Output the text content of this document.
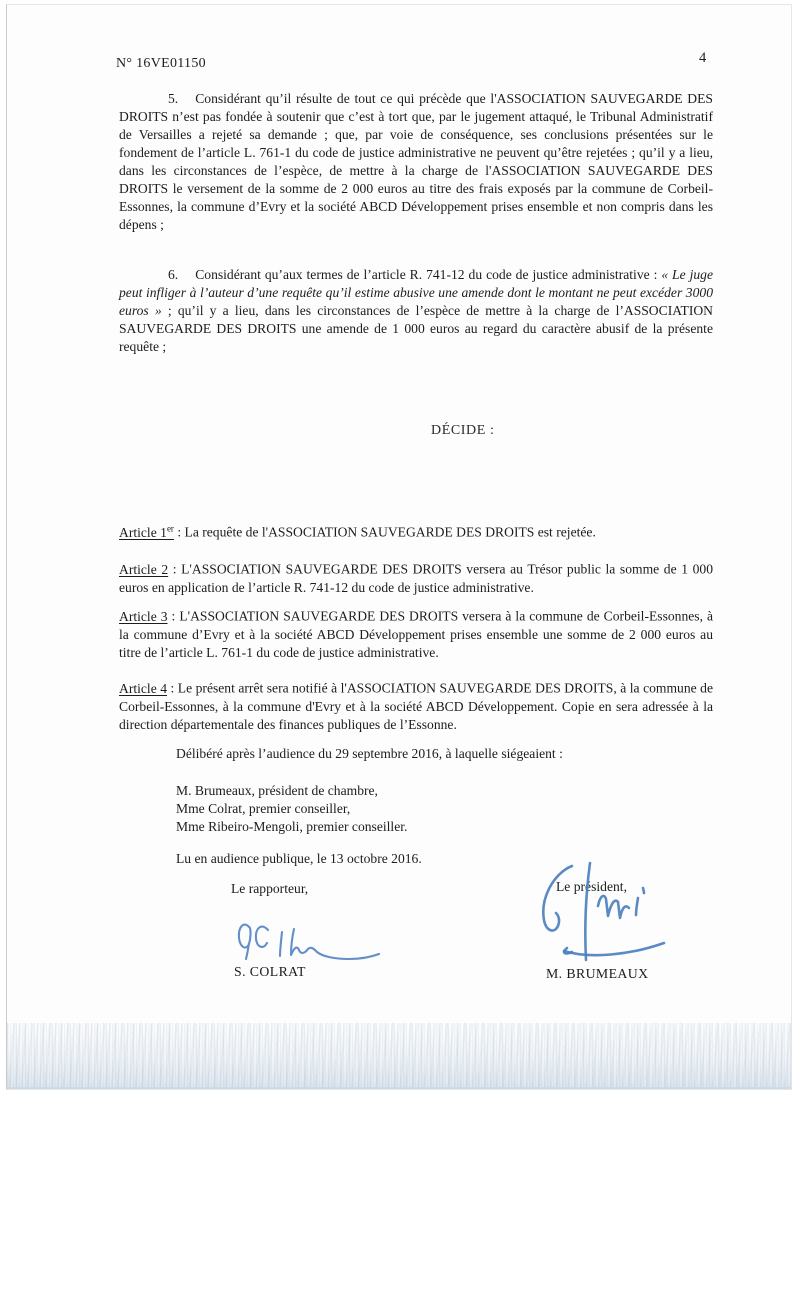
N° 16VE01150	4

5. Considérant qu’il résulte de tout ce qui précède que l'ASSOCIATION SAUVEGARDE DES DROITS n’est pas fondée à soutenir que c’est à tort que, par le jugement attaqué, le Tribunal Administratif de Versailles a rejeté sa demande ; que, par voie de conséquence, ses conclusions présentées sur le fondement de l’article L. 761-1 du code de justice administrative ne peuvent qu’être rejetées ; qu’il y a lieu, dans les circonstances de l’espèce, de mettre à la charge de l'ASSOCIATION SAUVEGARDE DES DROITS le versement de la somme de 2 000 euros au titre des frais exposés par la commune de Corbeil-Essonnes, la commune d’Evry et la société ABCD Développement prises ensemble et non compris dans les dépens ;

6. Considérant qu’aux termes de l’article R. 741-12 du code de justice administrative : « Le juge peut infliger à l’auteur d’une requête qu’il estime abusive une amende dont le montant ne peut excéder 3000 euros » ; qu’il y a lieu, dans les circonstances de l’espèce de mettre à la charge de l’ASSOCIATION SAUVEGARDE DES DROITS une amende de 1 000 euros au regard du caractère abusif de la présente requête ;

DÉCIDE :

Article 1er : La requête de l'ASSOCIATION SAUVEGARDE DES DROITS est rejetée.

Article 2 : L'ASSOCIATION SAUVEGARDE DES DROITS versera au Trésor public la somme de 1 000 euros en application de l’article R. 741-12 du code de justice administrative.

Article 3 : L'ASSOCIATION SAUVEGARDE DES DROITS versera à la commune de Corbeil-Essonnes, à la commune d’Evry et à la société ABCD Développement prises ensemble une somme de 2 000 euros au titre de l’article L. 761-1 du code de justice administrative.

Article 4 : Le présent arrêt sera notifié à l'ASSOCIATION SAUVEGARDE DES DROITS, à la commune de Corbeil-Essonnes, à la commune d'Evry et à la société ABCD Développement. Copie en sera adressée à la direction départementale des finances publiques de l’Essonne.

Délibéré après l’audience du 29 septembre 2016, à laquelle siégeaient :

M. Brumeaux, président de chambre,

Mme Colrat, premier conseiller,

Mme Ribeiro-Mengoli, premier conseiller.

Lu en audience publique, le 13 octobre 2016.

Le rapporteur,	Le président,
S. COLRAT	M. BRUMEAUX
